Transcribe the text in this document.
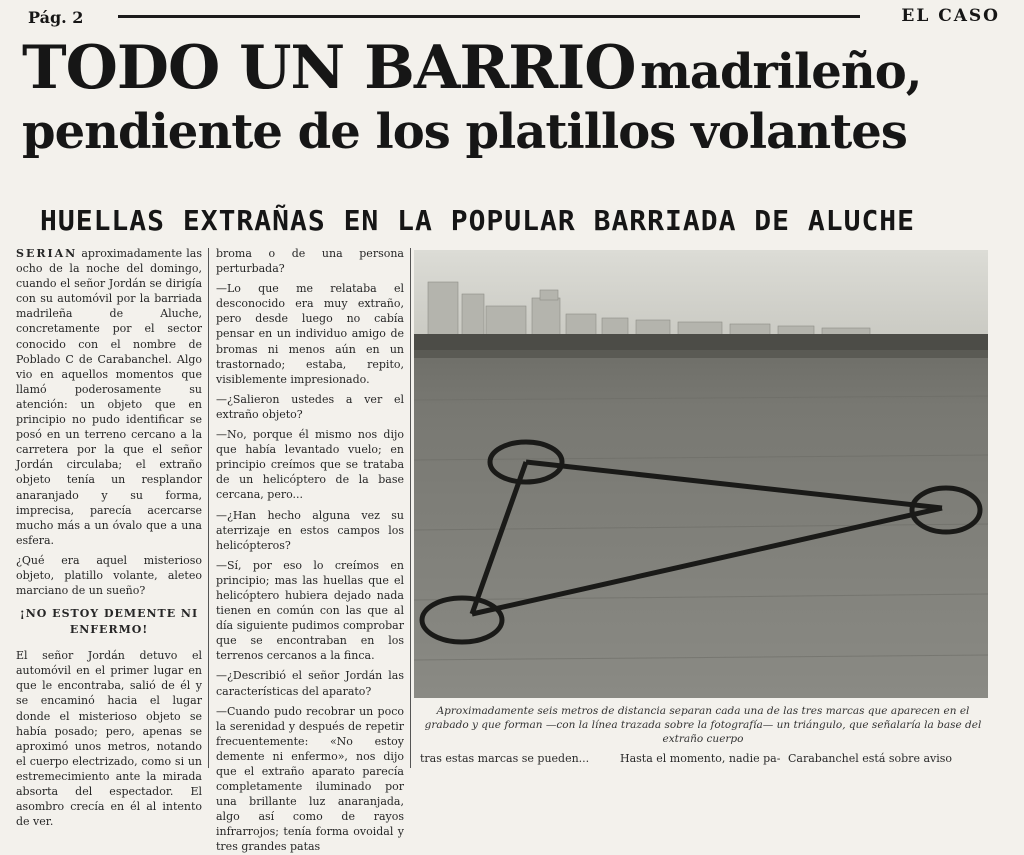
Pág. 2	EL CASO
TODO UN BARRIO madrileño,
pendiente de los platillos volantes
HUELLAS EXTRAÑAS EN LA POPULAR BARRIADA DE ALUCHE

SERIAN aproximadamente las ocho de la noche del domingo, cuando el señor Jordán se dirigía con su automóvil por la barriada madrileña de Aluche, concretamente por el sector conocido con el nombre de Poblado C de Carabanchel. Algo vio en aquellos momentos que llamó poderosamente su atención: un objeto que en principio no pudo identificar se posó en un terreno cercano a la carretera por la que el señor Jordán circulaba; el extraño objeto tenía un resplandor anaranjado y su forma, imprecisa, parecía acercarse mucho más a un óvalo que a una esfera.

¿Qué era aquel misterioso objeto, platillo volante, aleteo marciano de un sueño?

¡NO ESTOY DEMENTE NI ENFERMO!

El señor Jordán detuvo el automóvil en el primer lugar en que le encontraba, salió de él y se encaminó hacia el lugar donde el misterioso objeto se había posado; pero, apenas se aproximó unos metros, notando el cuerpo electrizado, como si un estremecimiento ante la mirada absorta del espectador. El asombro crecía en él al intento de ver.

broma o de una persona perturbada?

—Lo que me relataba el desconocido era muy extraño, pero desde luego no cabía pensar en un individuo amigo de bromas ni menos aún en un trastornado; estaba, repito, visiblemente impresionado.

—¿Salieron ustedes a ver el extraño objeto?

—No, porque él mismo nos dijo que había levantado vuelo; en principio creímos que se trataba de un helicóptero de la base cercana, pero...

—¿Han hecho alguna vez su aterrizaje en estos campos los helicópteros?

—Sí, por eso lo creímos en principio; mas las huellas que el helicóptero hubiera dejado nada tienen en común con las que al día siguiente pudimos comprobar que se encontraban en los terrenos cercanos a la finca.

—¿Describió el señor Jordán las características del aparato?

—Cuando pudo recobrar un poco la serenidad y después de repetir frecuentemente: «No estoy demente ni enfermo», nos dijo que el extraño aparato parecía completamente iluminado por una brillante luz anaranjada, algo así como de rayos infrarrojos; tenía forma ovoidal y tres grandes patas

Aproximadamente seis metros de distancia separan cada una de las tres marcas que aparecen en el grabado y que forman —con la línea trazada sobre la fotografía— un triángulo, que señalaría la base del extraño cuerpo
tras estas marcas se pueden...	Hasta el momento, nadie pa- Carabanchel está sobre aviso
